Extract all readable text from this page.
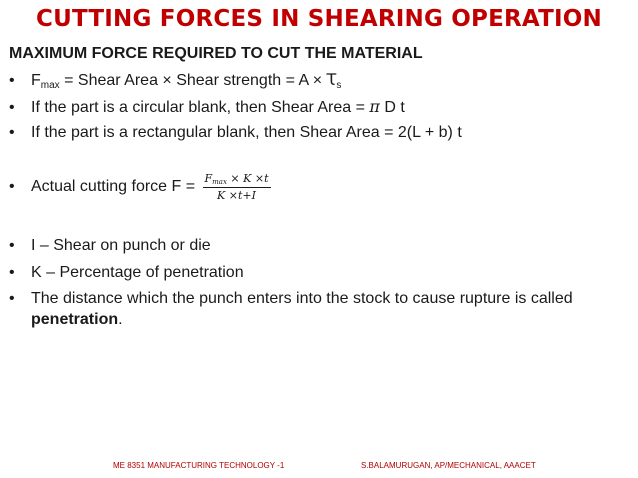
CUTTING FORCES IN SHEARING OPERATION
MAXIMUM FORCE REQUIRED TO CUT THE MATERIAL
• $F_{max}$ = Shear Area × Shear strength = A × Ꚍ$_s$
• If the part is a circular blank, then Shear Area = π D t
• If the part is a rectangular blank, then Shear Area = 2(L + b) t
• Actual cutting force $F = \frac{F_{max} \times K \times t}{K \times t+I}$
• I – Shear on punch or die
• K – Percentage of penetration
• The distance which the punch enters into the stock to cause rupture is called
penetration.
ME 8351 MANUFACTURING TECHNOLOGY -1	S.BALAMURUGAN, AP/MECHANICAL, AAACET
